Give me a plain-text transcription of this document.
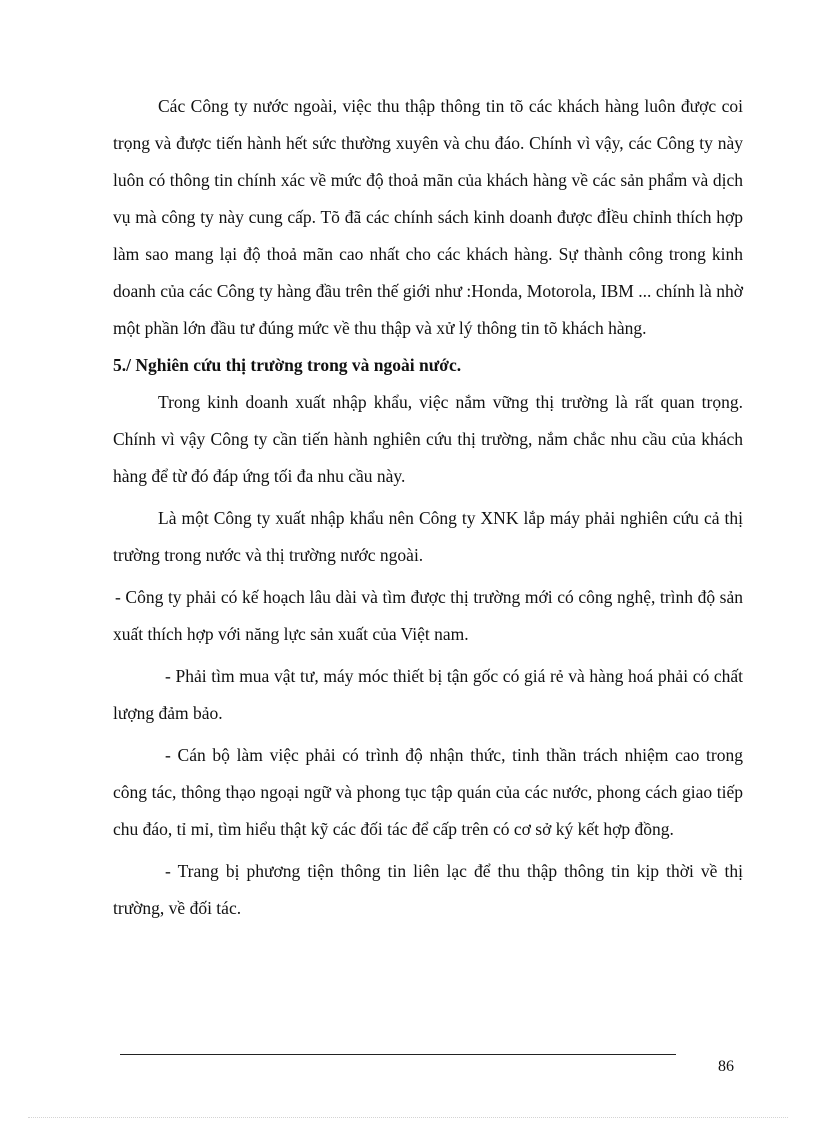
Các Công ty nước ngoài, việc thu thập thông tin tõ các khách hàng luôn được coi trọng và được tiến hành hết sức thường xuyên và chu đáo. Chính vì vậy, các Công ty này luôn có thông tin chính xác về mức độ thoả mãn của khách hàng về các sản phẩm và dịch vụ mà công ty này cung cấp. Tõ đã các chính sách kinh doanh được đİều chỉnh thích hợp làm sao mang lại độ thoả mãn cao nhất cho các khách hàng. Sự thành công trong kinh doanh của các Công ty hàng đầu trên thế giới như :Honda, Motorola, IBM ... chính là nhờ một phần lớn đầu tư đúng mức về thu thập và xử lý thông tin tõ khách hàng.

5./ Nghiên cứu thị trường trong và ngoài nước.

Trong kinh doanh xuất nhập khẩu, việc nắm vững thị trường là rất quan trọng. Chính vì vậy Công ty cần tiến hành nghiên cứu thị trường, nắm chắc nhu cầu của khách hàng để từ đó đáp ứng tối đa nhu cầu này.

Là một Công ty xuất nhập khẩu nên Công ty XNK lắp máy phải nghiên cứu cả thị trường trong nước và thị trường nước ngoài.

- Công ty phải có kế hoạch lâu dài và tìm được thị trường mới có công nghệ, trình độ sản xuất thích hợp với năng lực sản xuất của Việt nam.

- Phải tìm mua vật tư, máy móc thiết bị tận gốc có giá rẻ và hàng hoá phải có chất lượng đảm bảo.

- Cán bộ làm việc phải có trình độ nhận thức, tinh thần trách nhiệm cao trong công tác, thông thạo ngoại ngữ và phong tục tập quán của các nước, phong cách giao tiếp chu đáo, tỉ mỉ, tìm hiểu thật kỹ các đối tác để cấp trên có cơ sở ký kết hợp đồng.

- Trang bị phương tiện thông tin liên lạc để thu thập thông tin kịp thời về thị trường, về đối tác.

86
